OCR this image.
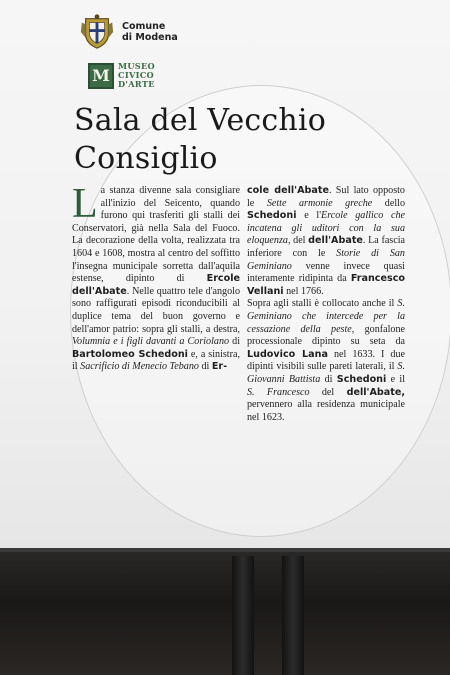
Comune
di Modena
M MUSEO
CIVICO
D'ARTE
Sala del Vecchio
Consiglio

La stanza divenne sala consigliare all'inizio del Seicento, quando furono qui trasferiti gli stalli dei Conservatori, già nella Sala del Fuoco. La decorazione della volta, realizzata tra 1604 e 1608, mostra al centro del soffitto l'insegna municipale sorretta dall'aquila estense, dipinto di Ercole dell'Abate. Nelle quattro tele d'angolo sono raffigurati episodi riconducibili al duplice tema del buon governo e dell'amor patrio: sopra gli stalli, a destra, Volumnia e i figli davanti a Coriolano di Bartolomeo Schedoni e, a sinistra, il Sacrificio di Menecio Tebano di Er-

cole dell'Abate. Sul lato opposto le Sette armonie greche dello Schedoni e l'Ercole gallico che incatena gli uditori con la sua eloquenza, del dell'Abate. La fascia inferiore con le Storie di San Geminiano venne invece quasi interamente ridipinta da Francesco Vellani nel 1766.

Sopra agli stalli è collocato anche il S. Geminiano che intercede per la cessazione della peste, gonfalone processionale dipinto su seta da Ludovico Lana nel 1633. I due dipinti visibili sulle pareti laterali, il S. Giovanni Battista di Schedoni e il S. Francesco del dell'Abate, pervennero alla residenza municipale nel 1623.
